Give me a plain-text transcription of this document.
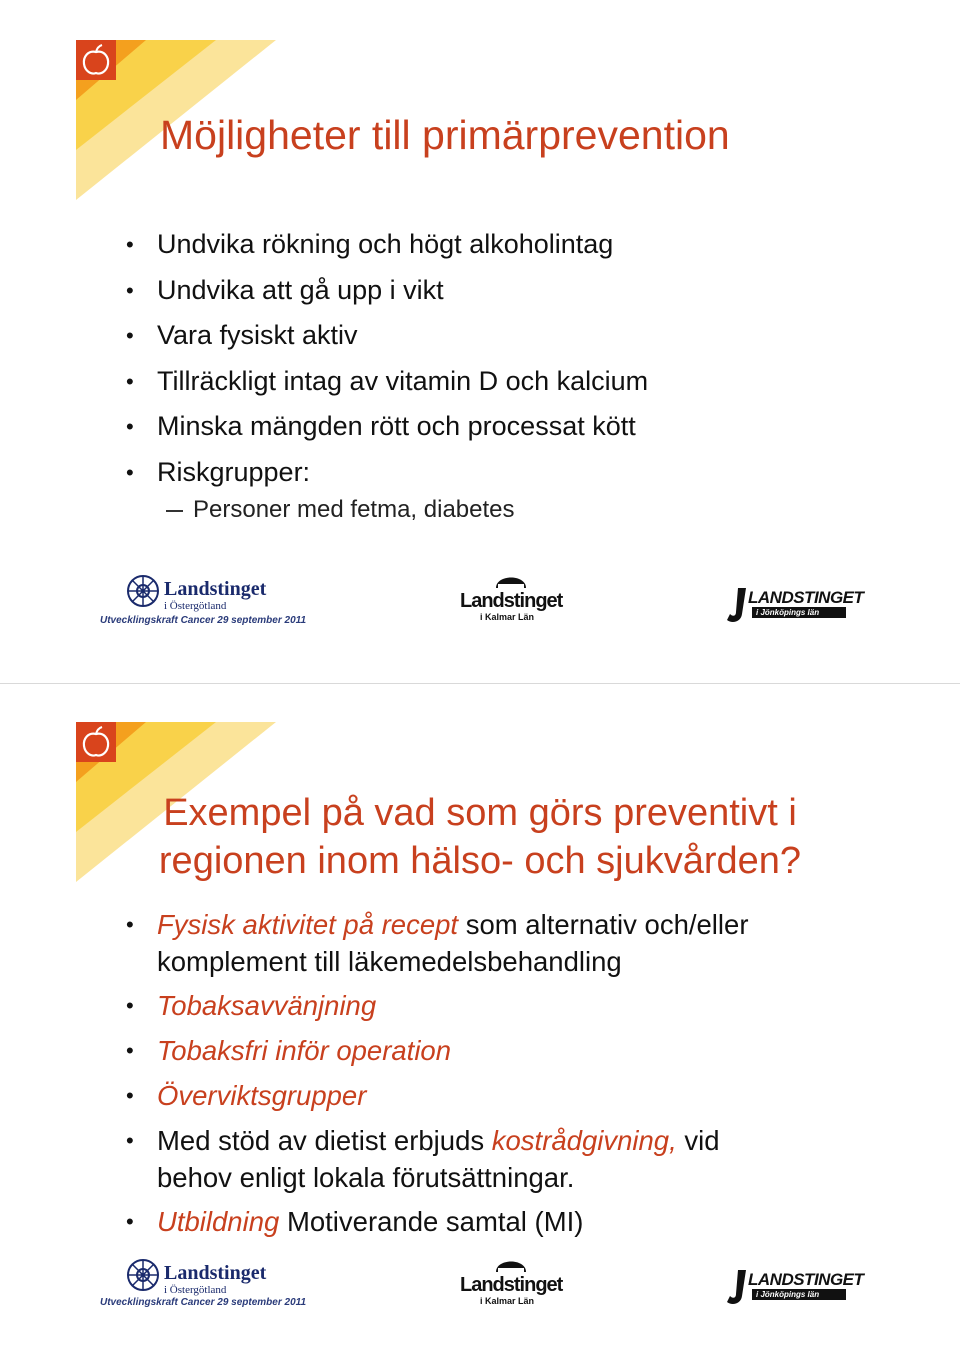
Möjligheter till primärprevention
• Undvika rökning och högt alkoholintag
• Undvika att gå upp i vikt
• Vara fysiskt aktiv
• Tillräckligt intag av vitamin D och kalcium
• Minska mängden rött och processat kött
• Riskgrupper:
Personer med fetma, diabetes
Landstinget
i Östergötland	Landstinget
i Kalmar Län
LANDSTINGET
i Jönköpings län
Utvecklingskraft Cancer 29 september 2011
Exempel på vad som görs preventivt i
regionen inom hälso- och sjukvården?
• Fysisk aktivitet på recept som alternativ och/eller
komplement till läkemedelsbehandling
• Tobaksavvänjning
• Tobaksfri inför operation
• Överviktsgrupper
• Med stöd av dietist erbjuds kostrådgivning, vid
behov enligt lokala förutsättningar.
• Utbildning Motiverande samtal (MI)
Landstinget
i Östergötland	Landstinget
i Kalmar Län
LANDSTINGET
i Jönköpings län
Utvecklingskraft Cancer 29 september 2011
